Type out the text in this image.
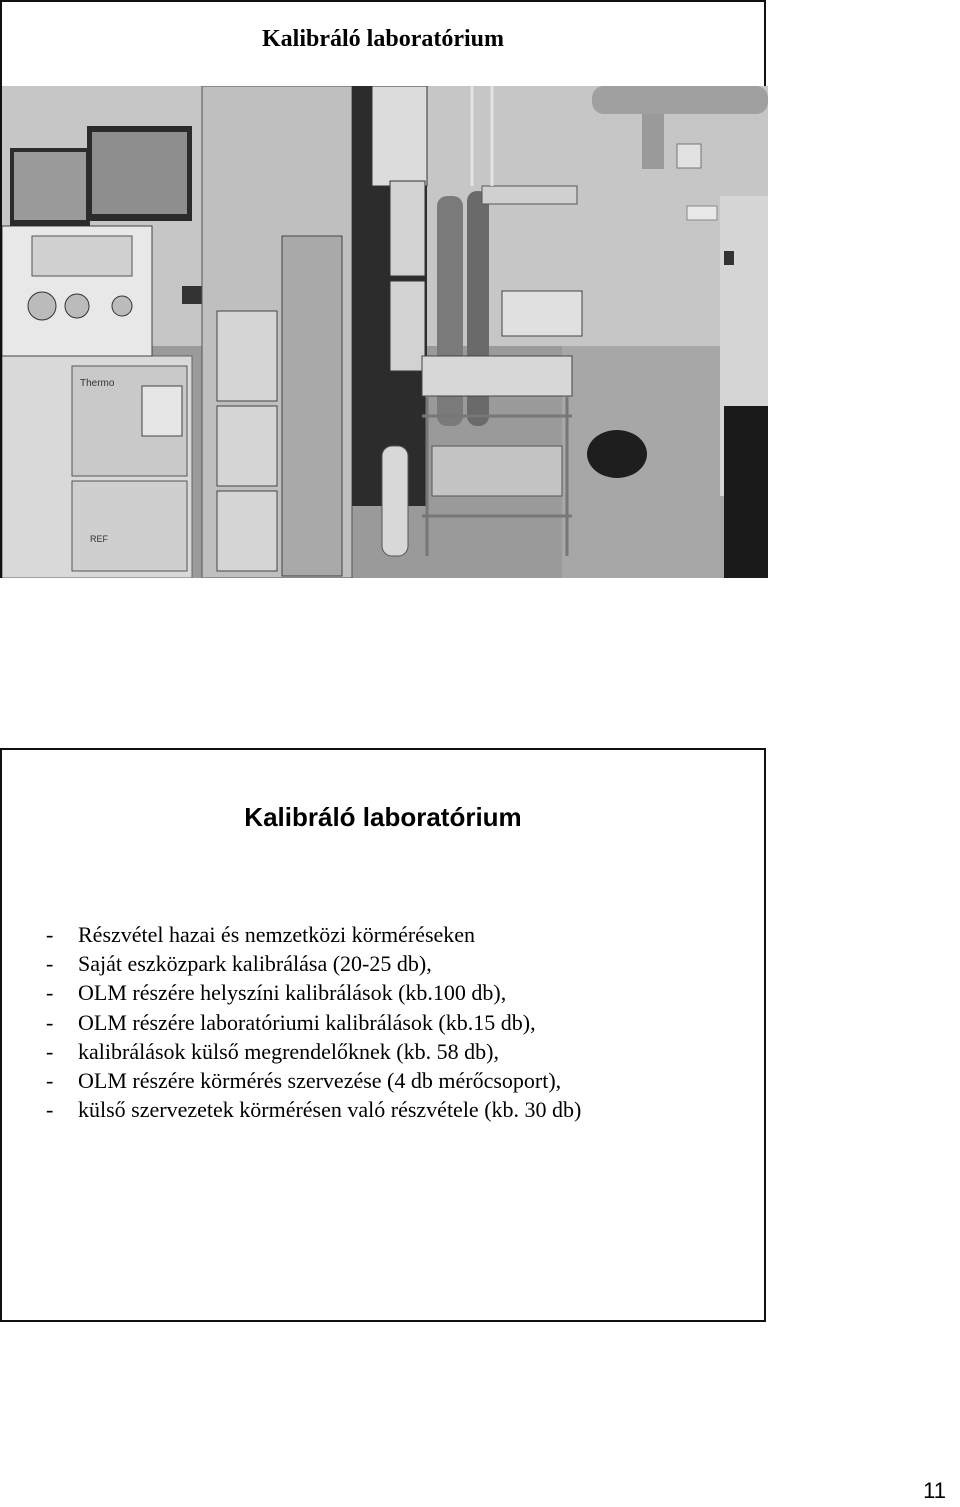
Kalibráló laboratórium
Thermo
REF
Kalibráló laboratórium
-	Részvétel hazai és nemzetközi körméréseken
-	Saját eszközpark kalibrálása (20-25 db),
-	OLM részére helyszíni kalibrálások (kb.100 db),
-	OLM részére laboratóriumi kalibrálások (kb.15 db),
-	kalibrálások külső megrendelőknek (kb. 58 db),
-	OLM részére körmérés szervezése (4 db mérőcsoport),
-	külső szervezetek körmérésen való részvétele (kb. 30 db)
11
